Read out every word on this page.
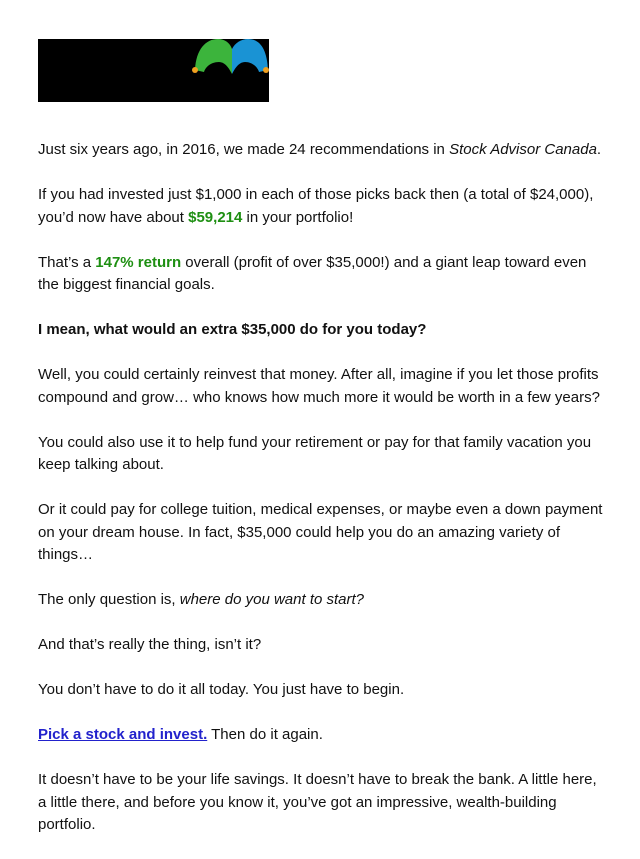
Just six years ago, in 2016, we made 24 recommendations in Stock Advisor Canada.

If you had invested just $1,000 in each of those picks back then (a total of $24,000), you’d now have about $59,214 in your portfolio!

That’s a 147% return overall (profit of over $35,000!) and a giant leap toward even the biggest financial goals.

I mean, what would an extra $35,000 do for you today?

Well, you could certainly reinvest that money. After all, imagine if you let those profits compound and grow… who knows how much more it would be worth in a few years?

You could also use it to help fund your retirement or pay for that family vacation you keep talking about.

Or it could pay for college tuition, medical expenses, or maybe even a down payment on your dream house. In fact, $35,000 could help you do an amazing variety of things…

The only question is, where do you want to start?

And that’s really the thing, isn’t it?

You don’t have to do it all today. You just have to begin.

Pick a stock and invest. Then do it again.

It doesn’t have to be your life savings. It doesn’t have to break the bank. A little here, a little there, and before you know it, you’ve got an impressive, wealth-building portfolio.
